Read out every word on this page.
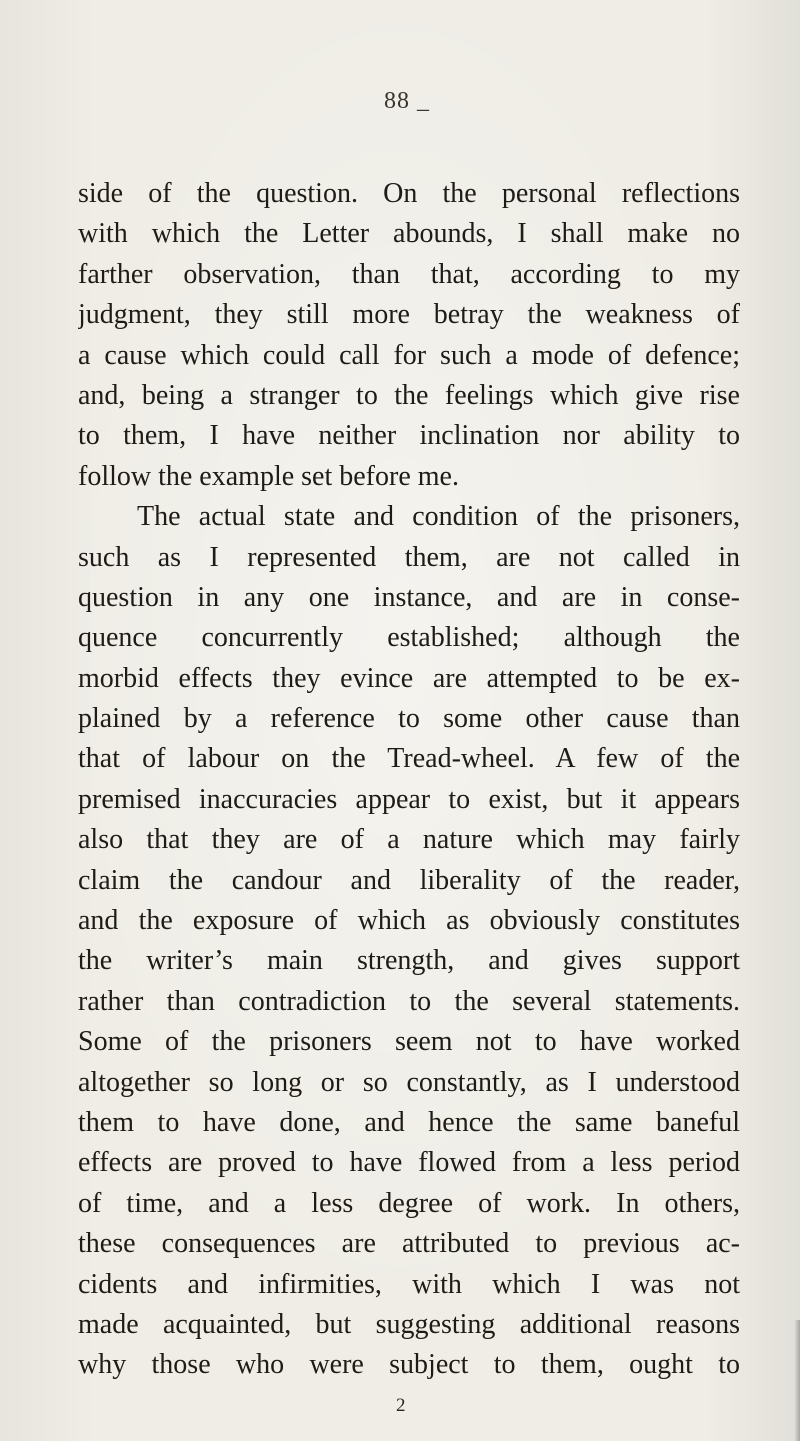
88 _
side of the question. On the personal reflections
with which the Letter abounds, I shall make no
farther observation, than that, according to my
judgment, they still more betray the weakness of
a cause which could call for such a mode of defence;
and, being a stranger to the feelings which give rise
to them, I have neither inclination nor ability to
follow the example set before me.
The actual state and condition of the prisoners,
such as I represented them, are not called in
question in any one instance, and are in conse-
quence concurrently established; although the
morbid effects they evince are attempted to be ex-
plained by a reference to some other cause than
that of labour on the Tread-wheel. A few of the
premised inaccuracies appear to exist, but it appears
also that they are of a nature which may fairly
claim the candour and liberality of the reader,
and the exposure of which as obviously constitutes
the writer’s main strength, and gives support
rather than contradiction to the several statements.
Some of the prisoners seem not to have worked
altogether so long or so constantly, as I understood
them to have done, and hence the same baneful
effects are proved to have flowed from a less period
of time, and a less degree of work. In others,
these consequences are attributed to previous ac-
cidents and infirmities, with which I was not
made acquainted, but suggesting additional reasons
why those who were subject to them, ought to
2
